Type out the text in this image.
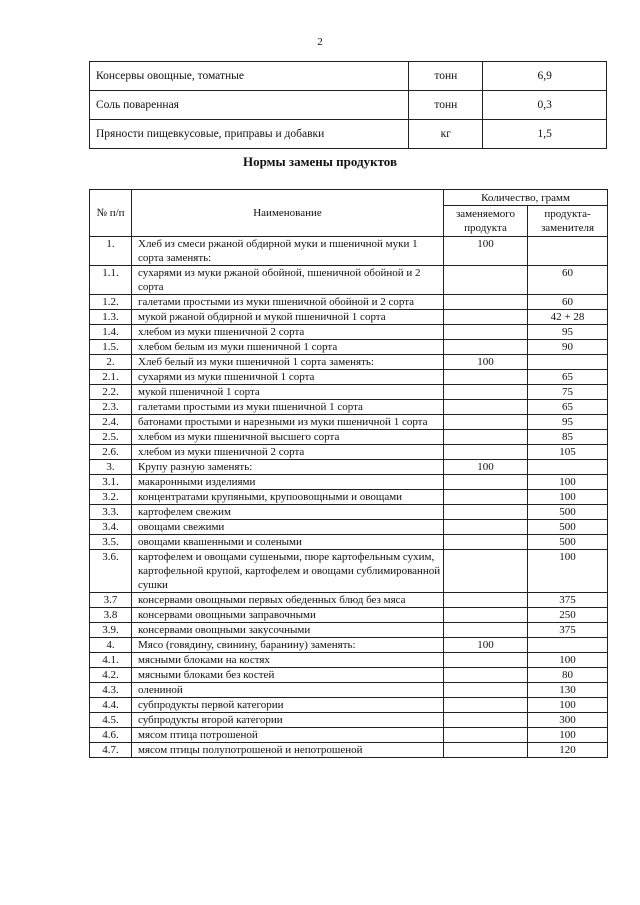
2
Консервы овощные, томатные	тонн	6,9
Соль поваренная	тонн	0,3
Пряности пищевкусовые, приправы и добавки	кг	1,5
Нормы замены продуктов
№ п/п	Наименование	Количество, грамм	
		заменяемого продукта	продукта-заменителя
1.	Хлеб из смеси ржаной обдирной муки и пшеничной муки 1 сорта заменять:	100	
1.1.	сухарями из муки ржаной обойной, пшеничной обойной и 2 сорта		60
1.2.	галетами простыми из муки пшеничной обойной и 2 сорта		60
1.3.	мукой ржаной обдирной и мукой пшеничной 1 сорта		42 + 28
1.4.	хлебом из муки пшеничной 2 сорта		95
1.5.	хлебом белым из муки пшеничной 1 сорта		90
2.	Хлеб белый из муки пшеничной 1 сорта заменять:	100	
2.1.	сухарями из муки пшеничной 1 сорта		65
2.2.	мукой пшеничной 1 сорта		75
2.3.	галетами простыми из муки пшеничной 1 сорта		65
2.4.	батонами простыми и нарезными из муки пшеничной 1 сорта		95
2.5.	хлебом из муки пшеничной высшего сорта		85
2.6.	хлебом из муки пшеничной 2 сорта		105
3.	Крупу разную заменять:	100	
3.1.	макаронными изделиями		100
3.2.	концентратами крупяными, крупоовощными и овощами		100
3.3.	картофелем свежим		500
3.4.	овощами свежими		500
3.5.	овощами квашенными и солеными		500
3.6.	картофелем и овощами сушеными, пюре картофельным сухим, картофельной крупой, картофелем и овощами сублимированной сушки		100
3.7	консервами овощными первых обеденных блюд без мяса		375
3.8	консервами овощными заправочными		250
3.9.	консервами овощными закусочными		375
4.	Мясо (говядину, свинину, баранину) заменять:	100	
4.1.	мясными блоками на костях		100
4.2.	мясными блоками без костей		80
4.3.	олениной		130
4.4.	субпродукты первой категории		100
4.5.	субпродукты второй категории		300
4.6.	мясом птица потрошеной		100
4.7.	мясом птицы полупотрошеной и непотрошеной		120
